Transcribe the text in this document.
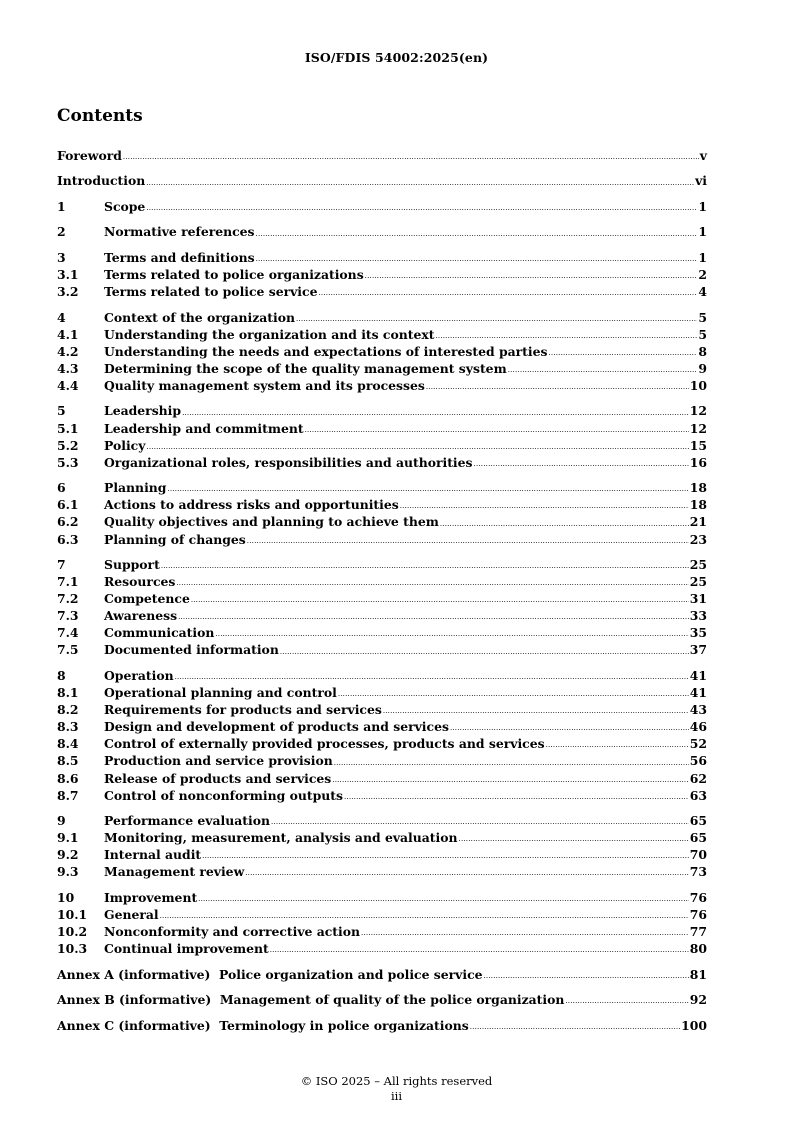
ISO/FDIS 54002:2025(en)
Contents
Foreword .....	v
Introduction .....	vi
1	Scope .....	1
2	Normative references .....	1
3	Terms and definitions .....	1
3.1	Terms related to police organizations .....	2
3.2	Terms related to police service .....	4
4	Context of the organization .....	5
4.1	Understanding the organization and its context .....	5
4.2	Understanding the needs and expectations of interested parties .....	8
4.3	Determining the scope of the quality management system .....	9
4.4	Quality management system and its processes .....	10
5	Leadership .....	12
5.1	Leadership and commitment .....	12
5.2	Policy .....	15
5.3	Organizational roles, responsibilities and authorities .....	16
6	Planning .....	18
6.1	Actions to address risks and opportunities .....	18
6.2	Quality objectives and planning to achieve them .....	21
6.3	Planning of changes .....	23
7	Support .....	25
7.1	Resources .....	25
7.2	Competence .....	31
7.3	Awareness .....	33
7.4	Communication .....	35
7.5	Documented information .....	37
8	Operation .....	41
8.1	Operational planning and control .....	41
8.2	Requirements for products and services .....	43
8.3	Design and development of products and services .....	46
8.4	Control of externally provided processes, products and services .....	52
8.5	Production and service provision .....	56
8.6	Release of products and services .....	62
8.7	Control of nonconforming outputs .....	63
9	Performance evaluation .....	65
9.1	Monitoring, measurement, analysis and evaluation .....	65
9.2	Internal audit .....	70
9.3	Management review .....	73
10	Improvement .....	76
10.1	General .....	76
10.2	Nonconformity and corrective action .....	77
10.3	Continual improvement .....	80
Annex A (informative)  Police organization and police service .....	81
Annex B (informative)  Management of quality of the police organization .....	92
Annex C (informative)  Terminology in police organizations .....	100
© ISO 2025 – All rights reserved
iii
